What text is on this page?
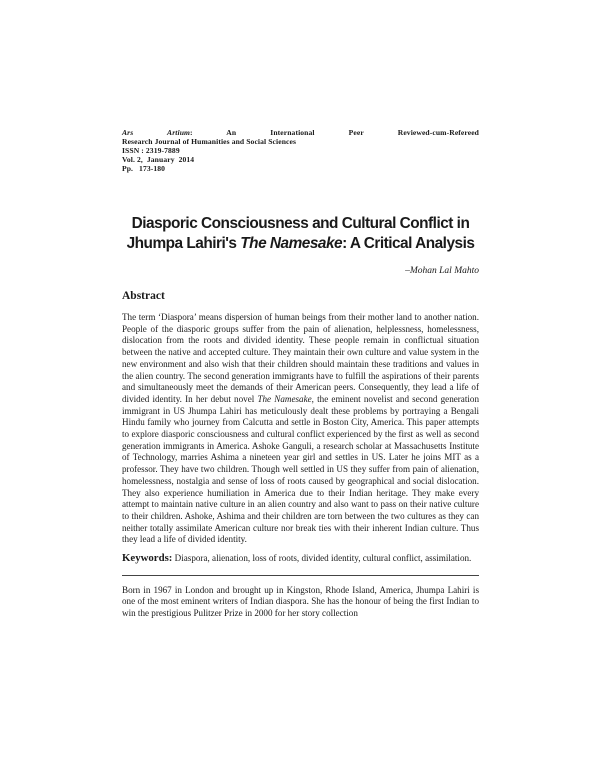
Ars Artium: An International Peer Reviewed-cum-Refereed
Research Journal of Humanities and Social Sciences
ISSN : 2319-7889
Vol. 2,  January  2014
Pp.   173-180
Diasporic Consciousness and Cultural Conflict in
Jhumpa Lahiri's The Namesake: A Critical Analysis
–Mohan Lal Mahto
Abstract
The term ‘Diaspora’ means dispersion of human beings from their mother land to another nation. People of the diasporic groups suffer from the pain of alienation, helplessness, homelessness, dislocation from the roots and divided identity. These people remain in conflictual situation between the native and accepted culture. They maintain their own culture and value system in the new environment and also wish that their children should maintain these traditions and values in the alien country. The second generation immigrants have to fulfill the aspirations of their parents and simultaneously meet the demands of their American peers. Consequently, they lead a life of divided identity. In her debut novel The Namesake, the eminent novelist and second generation immigrant in US Jhumpa Lahiri has meticulously dealt these problems by portraying a Bengali Hindu family who journey from Calcutta and settle in Boston City, America. This paper attempts to explore diasporic consciousness and cultural conflict experienced by the first as well as second generation immigrants in America. Ashoke Ganguli, a research scholar at Massachusetts Institute of Technology, marries Ashima a nineteen year girl and settles in US. Later he joins MIT as a professor. They have two children. Though well settled in US they suffer from pain of alienation, homelessness, nostalgia and sense of loss of roots caused by geographical and social dislocation. They also experience humiliation in America due to their Indian heritage. They make every attempt to maintain native culture in an alien country and also want to pass on their native culture to their children. Ashoke, Ashima and their children are torn between the two cultures as they can neither totally assimilate American culture nor break ties with their inherent Indian culture. Thus they lead a life of divided identity.
Keywords: Diaspora, alienation, loss of roots, divided identity, cultural conflict, assimilation.
Born in 1967 in London and brought up in Kingston, Rhode Island, America, Jhumpa Lahiri is one of the most eminent writers of Indian diaspora. She has the honour of being the first Indian to win the prestigious Pulitzer Prize in 2000 for her story collection
